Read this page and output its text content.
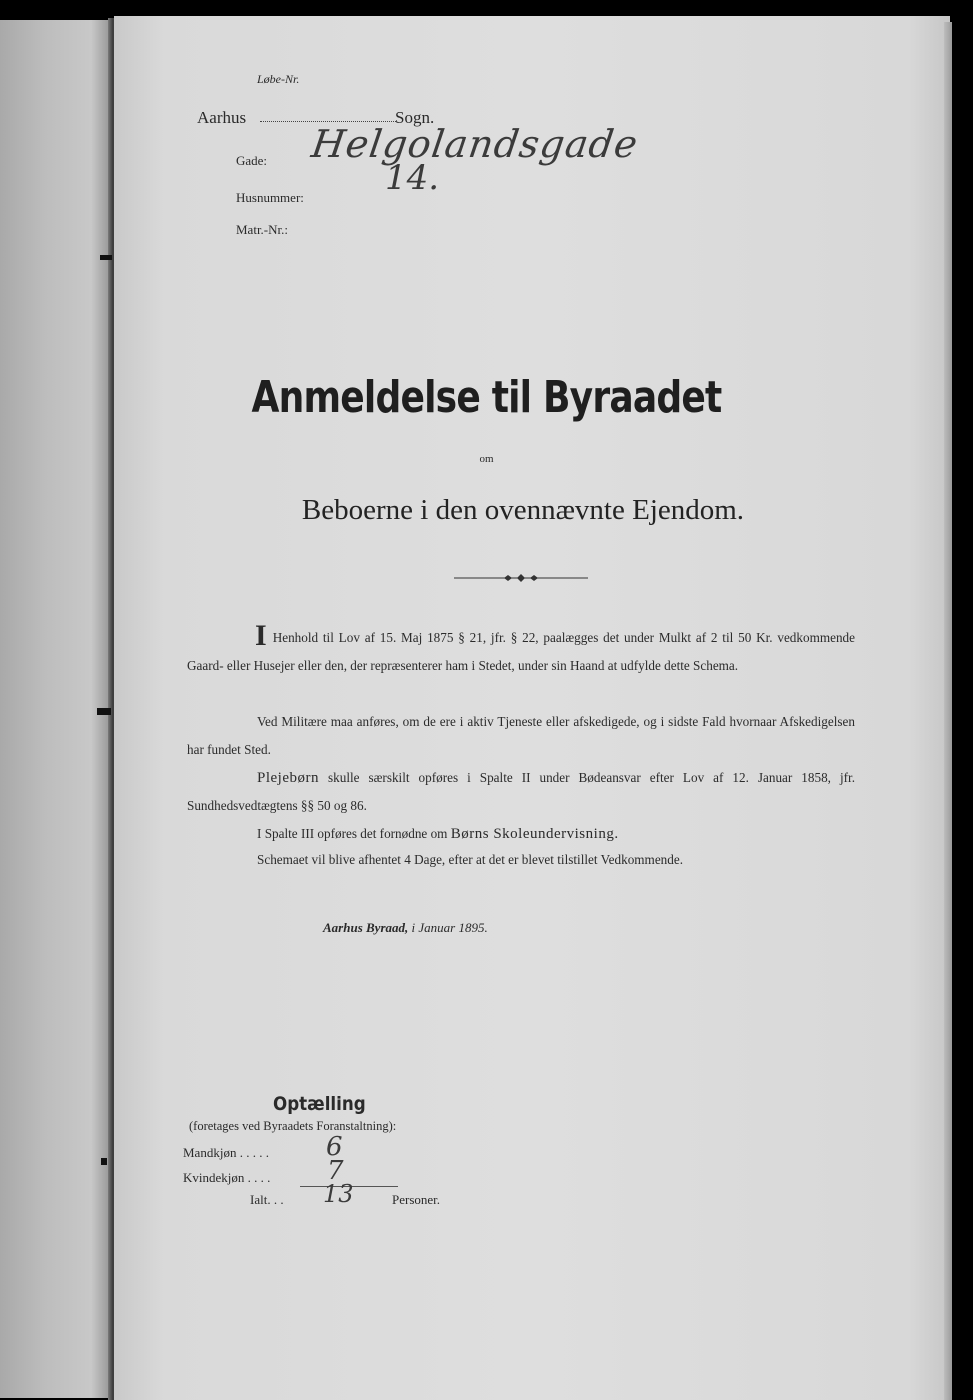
Løbe-Nr.
Aarhus	Sogn.
Gade: Helgolandsgade
Husnummer: 14.
Matr.-Nr.:
Anmeldelse til Byraadet
om
Beboerne i den ovennævnte Ejendom.
I Henhold til Lov af 15. Maj 1875 § 21, jfr. § 22, paalægges det under Mulkt af 2 til 50 Kr. vedkommende Gaard- eller Husejer eller den, der repræsenterer ham i Stedet, under sin Haand at udfylde dette Schema.
Ved Militære maa anføres, om de ere i aktiv Tjeneste eller afskedigede, og i sidste Fald hvornaar Afskedigelsen har fundet Sted.
Plejebørn skulle særskilt opføres i Spalte II under Bødeansvar efter Lov af 12. Januar 1858, jfr. Sundhedsvedtægtens §§ 50 og 86.
I Spalte III opføres det fornødne om Børns Skoleundervisning.
Schemaet vil blive afhentet 4 Dage, efter at det er blevet tilstillet Vedkommende.
Aarhus Byraad, i Januar 1895.
Optælling
(foretages ved Byraadets Foranstaltning):
Mandkjøn . . . . . 6
Kvindekjøn . . . . 7
Ialt. . . 13	Personer.
